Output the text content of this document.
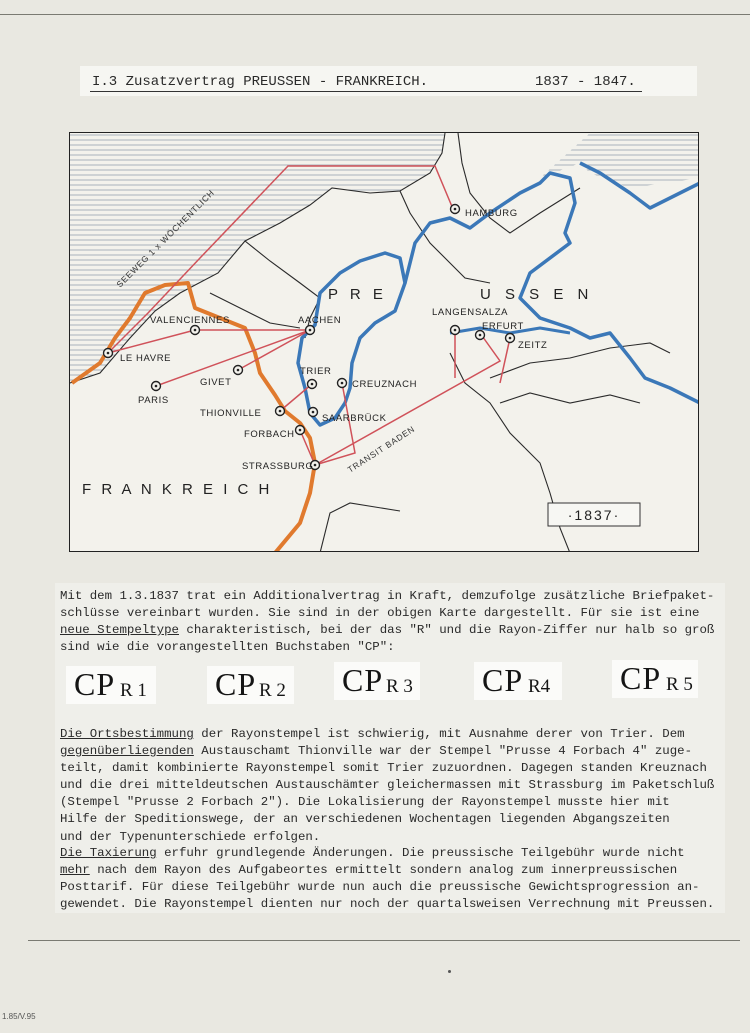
I.3 Zusatzvertrag PREUSSEN - FRANKREICH.	1837 - 1847.
HAMBURG
VALENCIENNES	AACHEN
LE HAVRE
GIVET
PARIS
TRIER
CREUZNACH
THIONVILLE	SAARBRÜCK
FORBACH
STRASSBURG
LANGEN SALZA
ERFURT
ZEITZ
SEEWEG 1 x WÖCHENTLICH
P R E	U S S E N
F R A N K R E I C H
TRANSIT BADEN
·1837·

Mit dem 1.3.1837 trat ein Additionalvertrag in Kraft, demzufolge zusätzliche Briefpaket-
schlüsse vereinbart wurden. Sie sind in der obigen Karte dargestellt. Für sie ist eine
neue Stempeltype charakteristisch, bei der das "R" und die Rayon-Ziffer nur halb so groß
sind wie die vorangestellten Buchstaben "CP":

CP R 1 CP R 2 CP R 3 CP R4 CP R 5

Die Ortsbestimmung der Rayonstempel ist schwierig, mit Ausnahme derer von Trier. Dem
gegenüberliegenden Austauschamt Thionville war der Stempel "Prusse 4 Forbach 4" zuge-
teilt, damit kombinierte Rayonstempel somit Trier zuzuordnen. Dagegen standen Kreuznach
und die drei mitteldeutschen Austauschämter gleichermassen mit Strassburg im Paketschluß
(Stempel "Prusse 2 Forbach 2"). Die Lokalisierung der Rayonstempel musste hier mit
Hilfe der Speditionswege, der an verschiedenen Wochentagen liegenden Abgangszeiten
und der Typenunterschiede erfolgen.

Die Taxierung erfuhr grundlegende Änderungen. Die preussische Teilgebühr wurde nicht
mehr nach dem Rayon des Aufgabeortes ermittelt sondern analog zum innerpreussischen
Posttarif. Für diese Teilgebühr wurde nun auch die preussische Gewichtsprogression an-
gewendet. Die Rayonstempel dienten nur noch der quartalsweisen Verrechnung mit Preussen.

1.85/V.95
